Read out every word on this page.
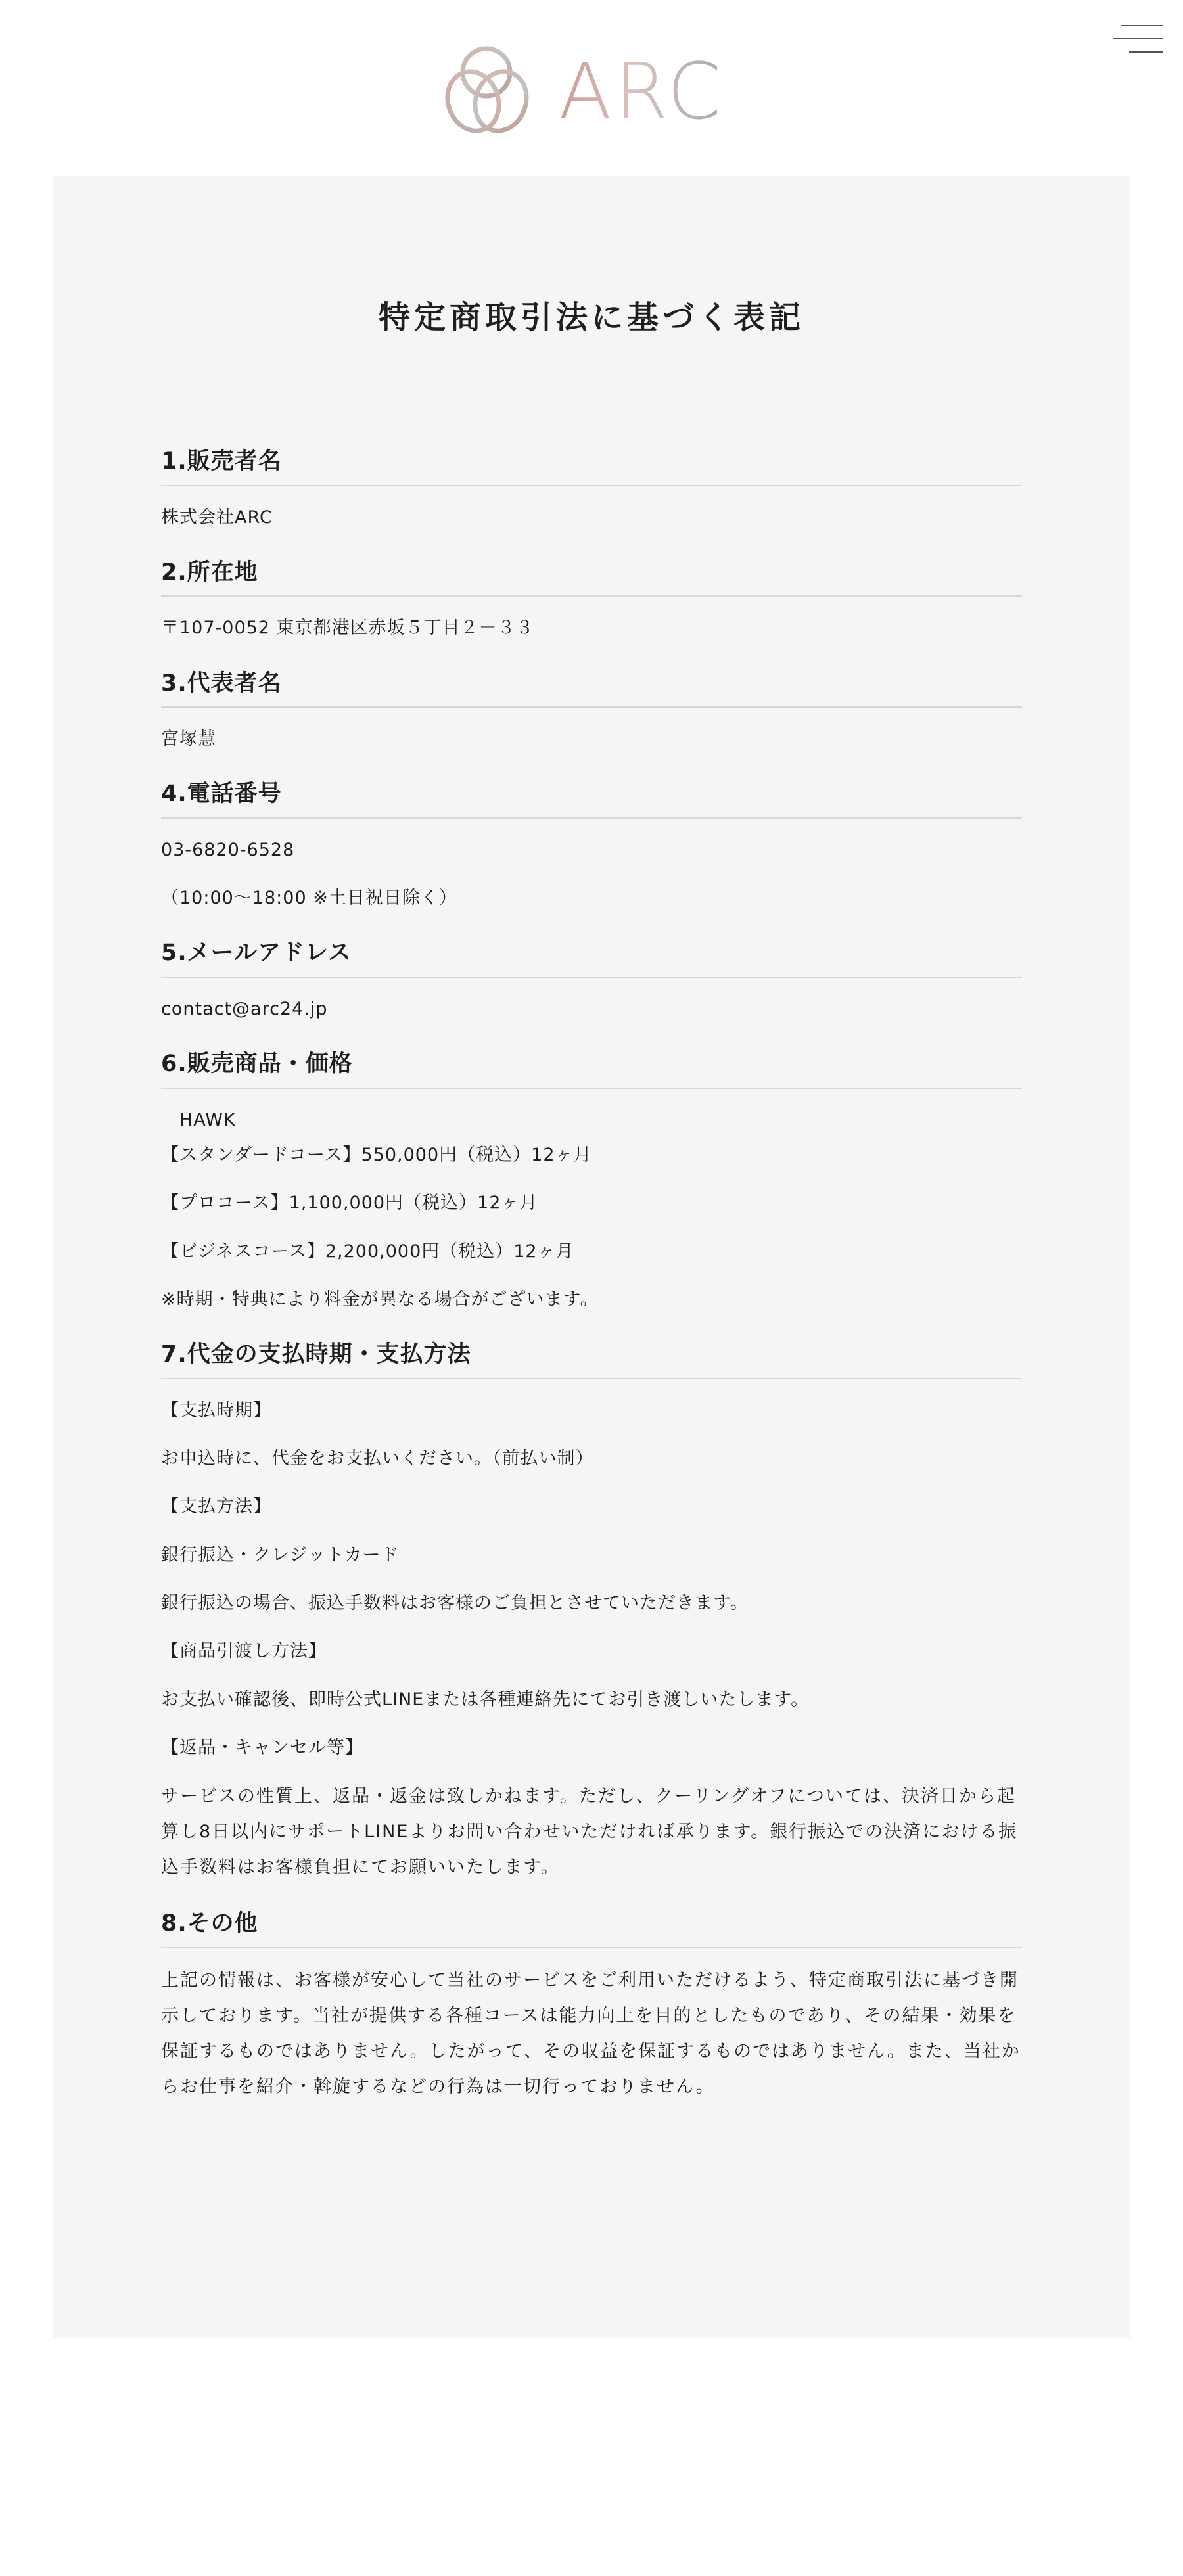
ARC
特定商取引法に基づく表記
1.販売者名

株式会社ARC

2.所在地

〒107-0052 東京都港区赤坂５丁目２－３３

3.代表者名

宮塚慧

4.電話番号

03-6820-6528

（10:00～18:00 ※土日祝日除く）

5.メールアドレス

contact@arc24.jp

6.販売商品・価格

HAWK

【スタンダードコース】550,000円（税込）12ヶ月

【プロコース】1,100,000円（税込）12ヶ月

【ビジネスコース】2,200,000円（税込）12ヶ月

※時期・特典により料金が異なる場合がございます。

7.代金の支払時期・支払方法

【支払時期】

お申込時に、代金をお支払いください。（前払い制）

【支払方法】

銀行振込・クレジットカード

銀行振込の場合、振込手数料はお客様のご負担とさせていただきます。

【商品引渡し方法】

お支払い確認後、即時公式LINEまたは各種連絡先にてお引き渡しいたします。

【返品・キャンセル等】

サービスの性質上、返品・返金は致しかねます。ただし、クーリングオフについては、決済日から起算し8日以内にサポートLINEよりお問い合わせいただければ承ります。銀行振込での決済における振込手数料はお客様負担にてお願いいたします。

8.その他

上記の情報は、お客様が安心して当社のサービスをご利用いただけるよう、特定商取引法に基づき開示しております。当社が提供する各種コースは能力向上を目的としたものであり、その結果・効果を保証するものではありません。したがって、その収益を保証するものではありません。また、当社からお仕事を紹介・斡旋するなどの行為は一切行っておりません。
